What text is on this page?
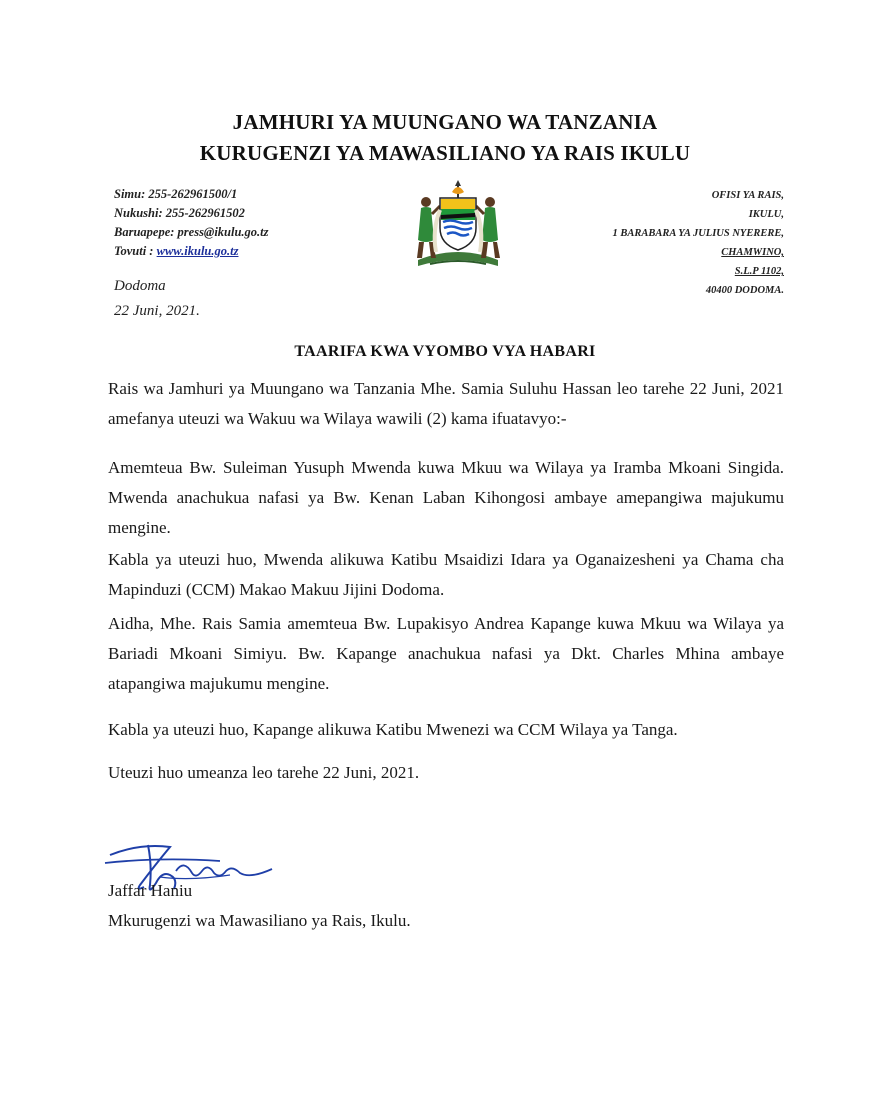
JAMHURI YA MUUNGANO WA TANZANIA
KURUGENZI YA MAWASILIANO YA RAIS IKULU
Simu: 255-262961500/1
Nukushi: 255-262961502
Baruapepe: press@ikulu.go.tz
Tovuti : www.ikulu.go.tz
OFISI YA RAIS,
IKULU,
1 BARABARA YA JULIUS NYERERE,
CHAMWINO,
S.L.P 1102,
40400 DODOMA.
Dodoma
22 Juni, 2021.
TAARIFA KWA VYOMBO VYA HABARI
Rais wa Jamhuri ya Muungano wa Tanzania Mhe. Samia Suluhu Hassan leo tarehe 22 Juni, 2021 amefanya uteuzi wa Wakuu wa Wilaya wawili (2) kama ifuatavyo:-
Amemteua Bw. Suleiman Yusuph Mwenda kuwa Mkuu wa Wilaya ya Iramba Mkoani Singida. Mwenda anachukua nafasi ya Bw. Kenan Laban Kihongosi ambaye amepangiwa majukumu mengine.
Kabla ya uteuzi huo, Mwenda alikuwa Katibu Msaidizi Idara ya Oganaizesheni ya Chama cha Mapinduzi (CCM) Makao Makuu Jijini Dodoma.
Aidha, Mhe. Rais Samia amemteua Bw. Lupakisyo Andrea Kapange kuwa Mkuu wa Wilaya ya Bariadi Mkoani Simiyu. Bw. Kapange anachukua nafasi ya Dkt. Charles Mhina ambaye atapangiwa majukumu mengine.
Kabla ya uteuzi huo, Kapange alikuwa Katibu Mwenezi wa CCM Wilaya ya Tanga.
Uteuzi huo umeanza leo tarehe 22 Juni, 2021.
Jaffar Haniu
Mkurugenzi wa Mawasiliano ya Rais, Ikulu.
